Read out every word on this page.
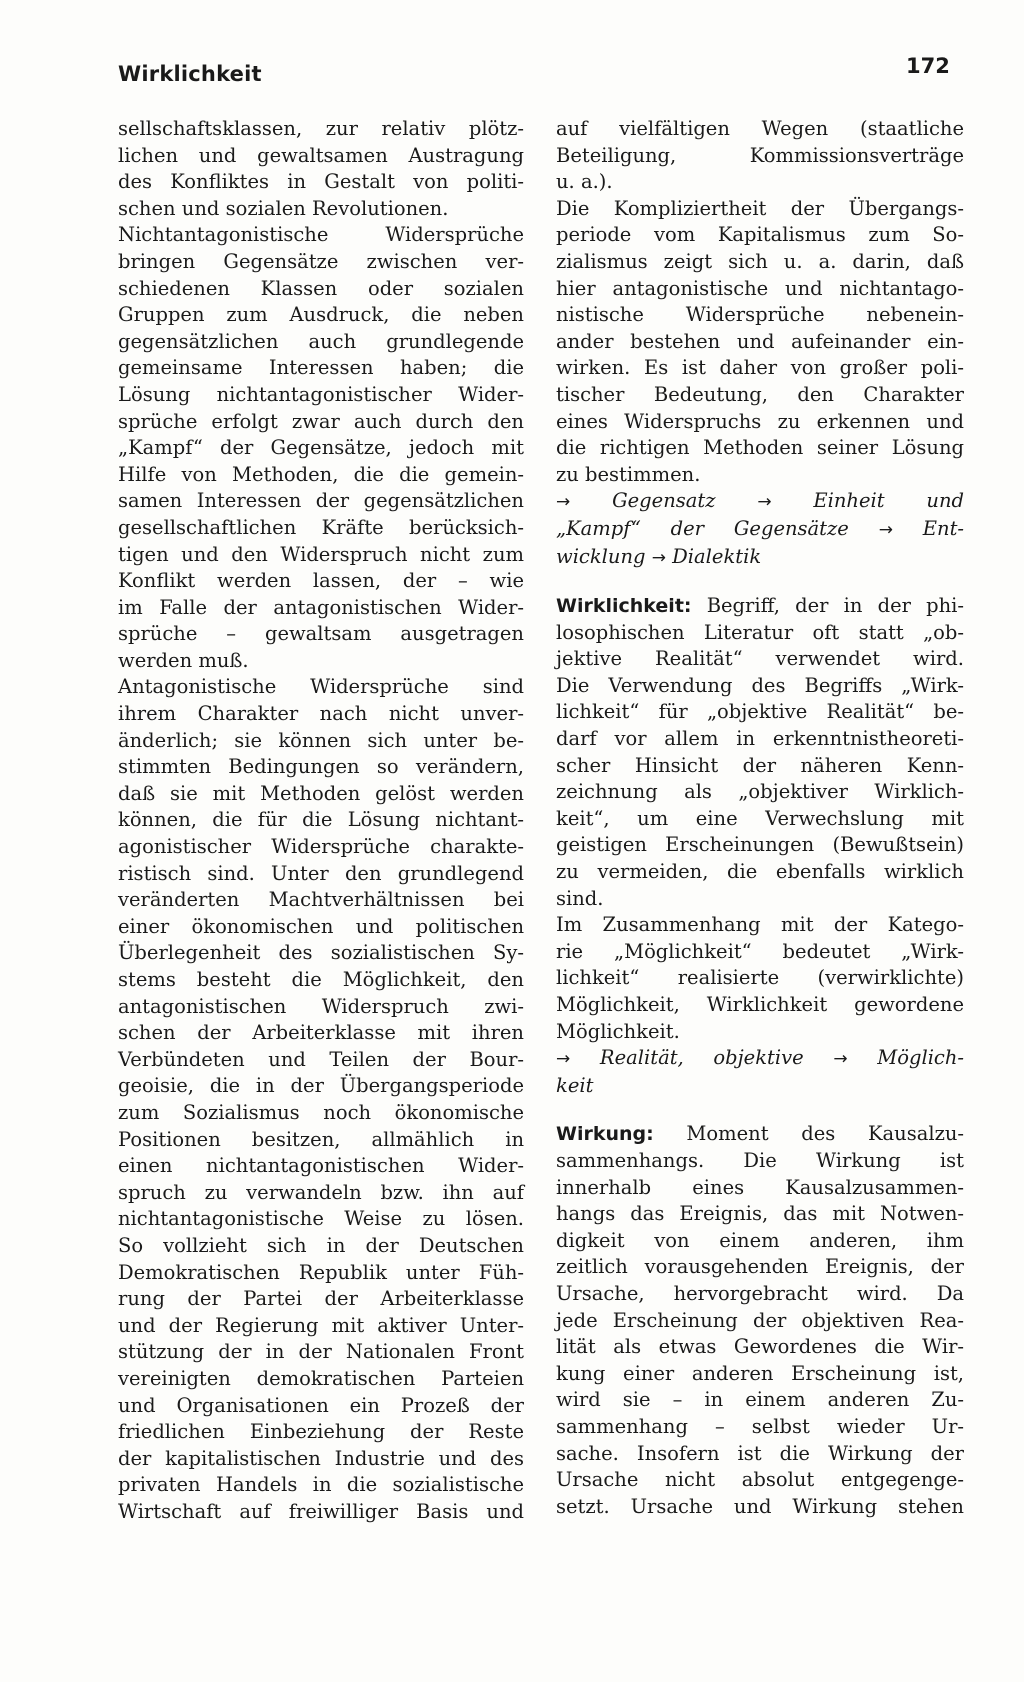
Wirklichkeit	172
sellschaftsklassen, zur relativ plötz-
lichen und gewaltsamen Austragung
des Konfliktes in Gestalt von politi-
schen und sozialen Revolutionen.
Nichtantagonistische Widersprüche
bringen Gegensätze zwischen ver-
schiedenen Klassen oder sozialen
Gruppen zum Ausdruck, die neben
gegensätzlichen auch grundlegende
gemeinsame Interessen haben; die
Lösung nichtantagonistischer Wider-
sprüche erfolgt zwar auch durch den
„Kampf“ der Gegensätze, jedoch mit
Hilfe von Methoden, die die gemein-
samen Interessen der gegensätzlichen
gesellschaftlichen Kräfte berücksich-
tigen und den Widerspruch nicht zum
Konflikt werden lassen, der – wie
im Falle der antagonistischen Wider-
sprüche – gewaltsam ausgetragen
werden muß.
Antagonistische Widersprüche sind
ihrem Charakter nach nicht unver-
änderlich; sie können sich unter be-
stimmten Bedingungen so verändern,
daß sie mit Methoden gelöst werden
können, die für die Lösung nichtant-
agonistischer Widersprüche charakte-
ristisch sind. Unter den grundlegend
veränderten Machtverhältnissen bei
einer ökonomischen und politischen
Überlegenheit des sozialistischen Sy-
stems besteht die Möglichkeit, den
antagonistischen Widerspruch zwi-
schen der Arbeiterklasse mit ihren
Verbündeten und Teilen der Bour-
geoisie, die in der Übergangsperiode
zum Sozialismus noch ökonomische
Positionen besitzen, allmählich in
einen nichtantagonistischen Wider-
spruch zu verwandeln bzw. ihn auf
nichtantagonistische Weise zu lösen.
So vollzieht sich in der Deutschen
Demokratischen Republik unter Füh-
rung der Partei der Arbeiterklasse
und der Regierung mit aktiver Unter-
stützung der in der Nationalen Front
vereinigten demokratischen Parteien
und Organisationen ein Prozeß der
friedlichen Einbeziehung der Reste
der kapitalistischen Industrie und des
privaten Handels in die sozialistische
Wirtschaft auf freiwilliger Basis und
auf vielfältigen Wegen (staatliche
Beteiligung, Kommissionsverträge
u. a.).
Die Kompliziertheit der Übergangs-
periode vom Kapitalismus zum So-
zialismus zeigt sich u. a. darin, daß
hier antagonistische und nichtantago-
nistische Widersprüche nebenein-
ander bestehen und aufeinander ein-
wirken. Es ist daher von großer poli-
tischer Bedeutung, den Charakter
eines Widerspruchs zu erkennen und
die richtigen Methoden seiner Lösung
zu bestimmen.
→ Gegensatz → Einheit und
„Kampf“ der Gegensätze → Ent-
wicklung → Dialektik
Wirklichkeit: Begriff, der in der phi-
losophischen Literatur oft statt „ob-
jektive Realität“ verwendet wird.
Die Verwendung des Begriffs „Wirk-
lichkeit“ für „objektive Realität“ be-
darf vor allem in erkenntnistheoreti-
scher Hinsicht der näheren Kenn-
zeichnung als „objektiver Wirklich-
keit“, um eine Verwechslung mit
geistigen Erscheinungen (Bewußtsein)
zu vermeiden, die ebenfalls wirklich
sind.
Im Zusammenhang mit der Katego-
rie „Möglichkeit“ bedeutet „Wirk-
lichkeit“ realisierte (verwirklichte)
Möglichkeit, Wirklichkeit gewordene
Möglichkeit.
→ Realität, objektive → Möglich-
keit
Wirkung: Moment des Kausalzu-
sammenhangs. Die Wirkung ist
innerhalb eines Kausalzusammen-
hangs das Ereignis, das mit Notwen-
digkeit von einem anderen, ihm
zeitlich vorausgehenden Ereignis, der
Ursache, hervorgebracht wird. Da
jede Erscheinung der objektiven Rea-
lität als etwas Gewordenes die Wir-
kung einer anderen Erscheinung ist,
wird sie – in einem anderen Zu-
sammenhang – selbst wieder Ur-
sache. Insofern ist die Wirkung der
Ursache nicht absolut entgegenge-
setzt. Ursache und Wirkung stehen
